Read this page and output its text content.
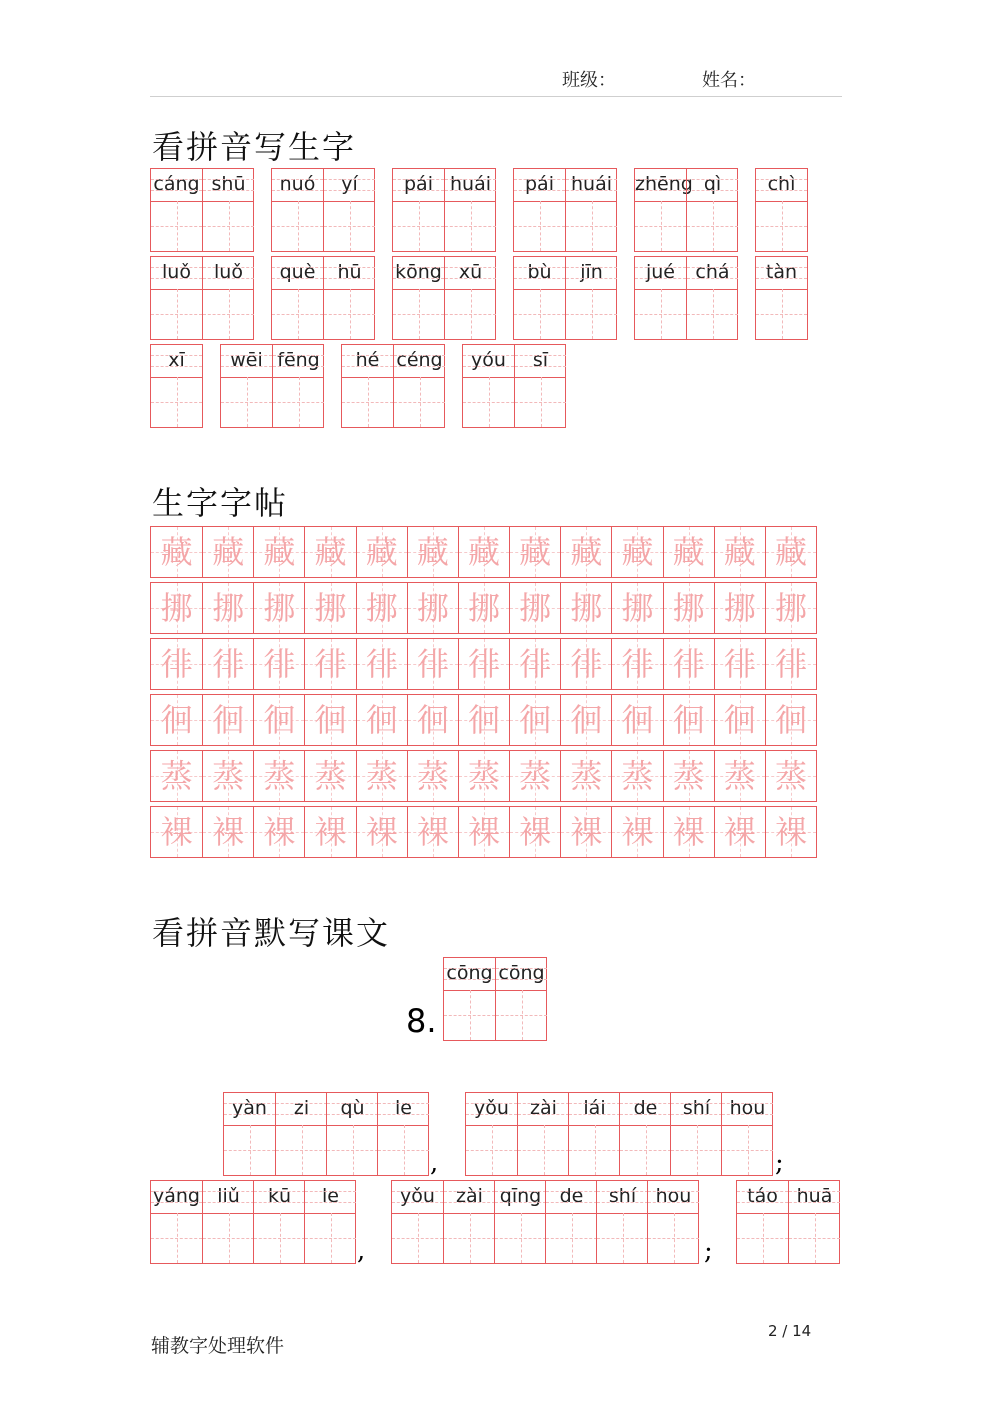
班级：	姓名：
看拼音写生字
生字字帖
看拼音默写课文
cáng shū	nuó	yí	pái huái	pái huái zhēng qì	chì
luǒ	luǒ	què	hū	kōng xū	bù	jīn	jué	chá	tàn
xī	wēi fēng	hé céng	yóu	sī
cōng cōng
yàn	zi	qù	le	yǒu	zài	lái	de	shí	hou
yáng liǔ	kū	le	yǒu	zài qīng de	shí	hou	táo huā
,	;
,	;
藏 藏 藏 藏 藏 藏 藏 藏 藏 藏 藏 藏 藏
挪 挪 挪 挪 挪 挪 挪 挪 挪 挪 挪 挪 挪
徘 徘 徘 徘 徘 徘 徘 徘 徘 徘 徘 徘 徘
徊 徊 徊 徊 徊 徊 徊 徊 徊 徊 徊 徊 徊
蒸 蒸 蒸 蒸 蒸 蒸 蒸 蒸 蒸 蒸 蒸 蒸 蒸
裸 裸 裸 裸 裸 裸 裸 裸 裸 裸 裸 裸 裸
8.
辅教字处理软件
2 / 14
